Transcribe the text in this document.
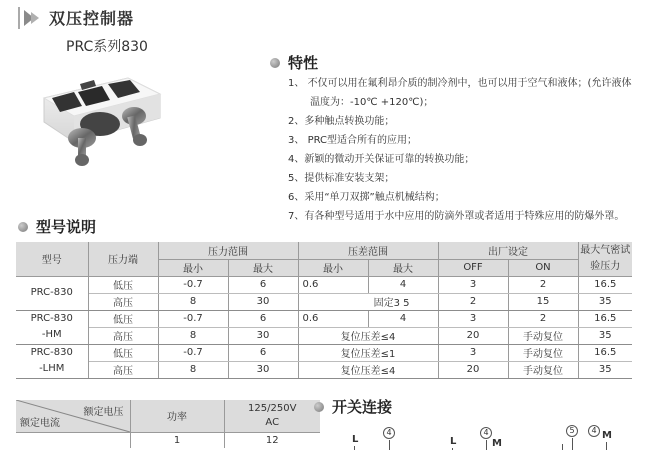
双压控制器
PRC系列830
特性
1、 不仅可以用在氟利昂介质的制冷剂中，也可以用于空气和液体；(允许液体
温度为：-10℃ +120℃)；
2、多种触点转换功能；
3、 PRC型适合所有的应用；
4、新颖的微动开关保证可靠的转换功能；
5、提供标准安装支架；
6、采用“单刀双掷”触点机械结构；
7、有各种型号适用于水中应用的防滴外罩或者适用于特殊应用的防爆外罩。
型号说明
型号	压力端	压力范围		压差范围		出厂设定		最大气密试验压力
		最小	最大	最小	最大	OFF	ON	
PRC-830	低压	-0.7	6	0.6	4	3	2	16.5
	高压	8	30	固定3 5		2	15	35
PRC-830
-HM	低压	-0.7	6	0.6	4	3	2	16.5
	高压	8	30	复位压差≤4		20	手动复位	35
PRC-830
-LHM	低压	-0.7	6	复位压差≤1		3	手动复位	16.5
	高压	8	30	复位压差≤4		20	手动复位	35
额定电压
额定电流	功率	125/250V
AC
	1	12
开关连接
L
4
L
4
M
5	4 M
